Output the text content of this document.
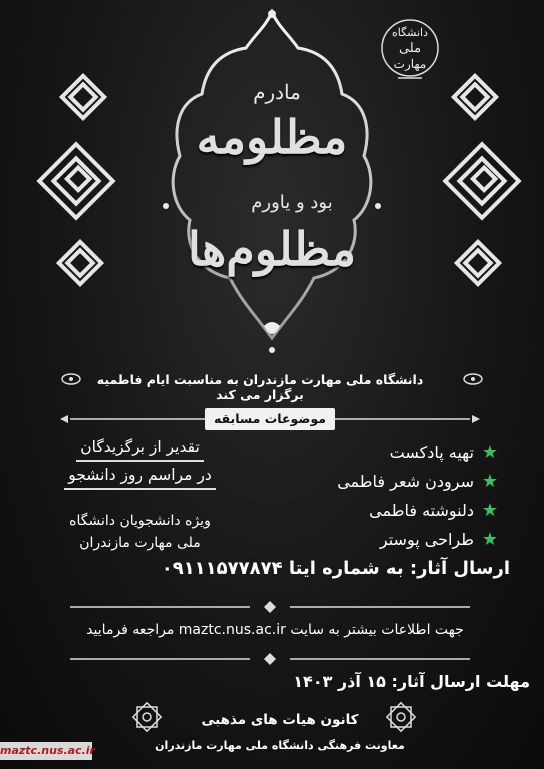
دانشگاه
ملی
مهارت
مادرم
مظلومه
بود و یاورم
مظلوم‌ها
دانشگاه ملی مهارت مازندران به مناسبت ایام فاطمیه برگزار می کند
موضوعات مسابقه
تقدیر از برگزیدگان
در مراسم روز دانشجو
ویژه دانشجویان دانشگاه
ملی مهارت مازندران
★
تهیه پادکست
★
سرودن شعر فاطمی
★
دلنوشته فاطمی
★
طراحی پوستر
ارسال آثار: به شماره ایتا ۰۹۱۱۱۵۷۷۸۷۴
جهت اطلاعات بیشتر به سایت maztc.nus.ac.ir مراجعه فرمایید
مهلت ارسال آثار: ۱۵ آذر ۱۴۰۳
کانون هیات های مذهبی
معاونت فرهنگی دانشگاه ملی مهارت مازندران
maztc.nus.ac.ir
